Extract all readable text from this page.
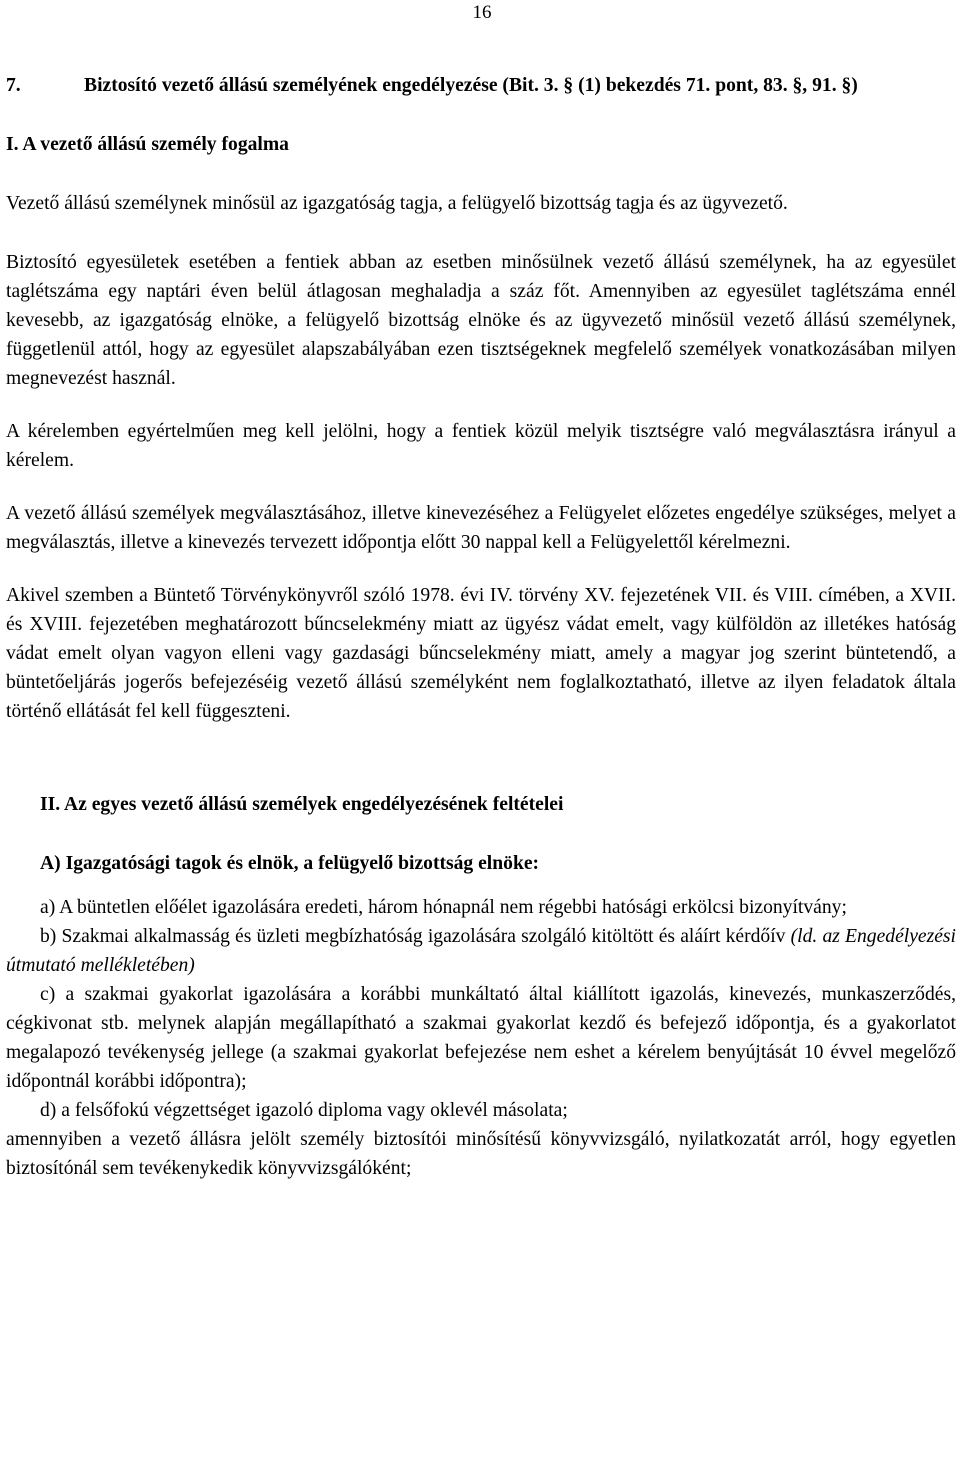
16
7.	Biztosító vezető állású személyének engedélyezése (Bit. 3. § (1) bekezdés 71. pont, 83. §, 91. §)
I. A vezető állású személy fogalma

Vezető állású személynek minősül az igazgatóság tagja, a felügyelő bizottság tagja és az ügyvezető.

Biztosító egyesületek esetében a fentiek abban az esetben minősülnek vezető állású személynek, ha az egyesület taglétszáma egy naptári éven belül átlagosan meghaladja a száz főt. Amennyiben az egyesület taglétszáma ennél kevesebb, az igazgatóság elnöke, a felügyelő bizottság elnöke és az ügyvezető minősül vezető állású személynek, függetlenül attól, hogy az egyesület alapszabályában ezen tisztségeknek megfelelő személyek vonatkozásában milyen megnevezést használ.

A kérelemben egyértelműen meg kell jelölni, hogy a fentiek közül melyik tisztségre való megválasztásra irányul a kérelem.

A vezető állású személyek megválasztásához, illetve kinevezéséhez a Felügyelet előzetes engedélye szükséges, melyet a megválasztás, illetve a kinevezés tervezett időpontja előtt 30 nappal kell a Felügyelettől kérelmezni.

Akivel szemben a Büntető Törvénykönyvről szóló 1978. évi IV. törvény XV. fejezetének VII. és VIII. címében, a XVII. és XVIII. fejezetében meghatározott bűncselekmény miatt az ügyész vádat emelt, vagy külföldön az illetékes hatóság vádat emelt olyan vagyon elleni vagy gazdasági bűncselekmény miatt, amely a magyar jog szerint büntetendő, a büntetőeljárás jogerős befejezéséig vezető állású személyként nem foglalkoztatható, illetve az ilyen feladatok általa történő ellátását fel kell függeszteni.

II. Az egyes vezető állású személyek engedélyezésének feltételei
A) Igazgatósági tagok és elnök, a felügyelő bizottság elnöke:

a) A büntetlen előélet igazolására eredeti, három hónapnál nem régebbi hatósági erkölcsi bizonyítvány;

b) Szakmai alkalmasság és üzleti megbízhatóság igazolására szolgáló kitöltött és aláírt kérdőív (ld. az Engedélyezési útmutató mellékletében)

c) a szakmai gyakorlat igazolására a korábbi munkáltató által kiállított igazolás, kinevezés, munkaszerződés, cégkivonat stb. melynek alapján megállapítható a szakmai gyakorlat kezdő és befejező időpontja, és a gyakorlatot megalapozó tevékenység jellege (a szakmai gyakorlat befejezése nem eshet a kérelem benyújtását 10 évvel megelőző időpontnál korábbi időpontra);

d) a felsőfokú végzettséget igazoló diploma vagy oklevél másolata;

amennyiben a vezető állásra jelölt személy biztosítói minősítésű könyvvizsgáló, nyilatkozatát arról, hogy egyetlen biztosítónál sem tevékenykedik könyvvizsgálóként;
